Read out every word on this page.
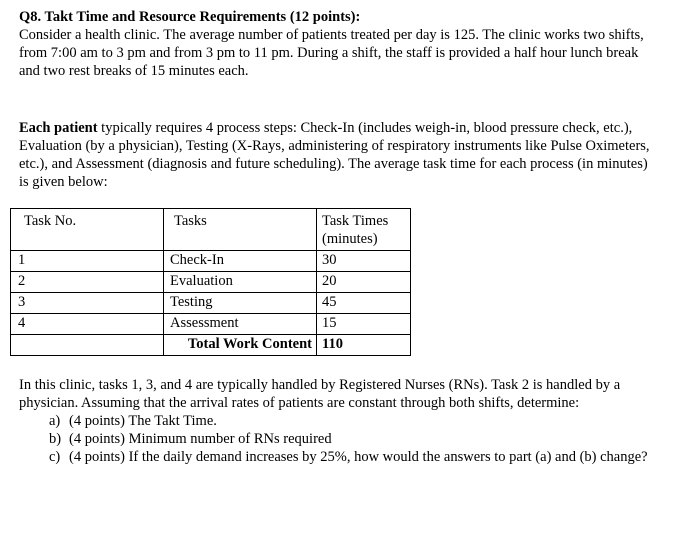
Q8. Takt Time and Resource Requirements (12 points):

Consider a health clinic. The average number of patients treated per day is 125. The clinic works two shifts, from 7:00 am to 3 pm and from 3 pm to 11 pm. During a shift, the staff is provided a half hour lunch break and two rest breaks of 15 minutes each.

Each patient typically requires 4 process steps: Check-In (includes weigh-in, blood pressure check, etc.), Evaluation (by a physician), Testing (X-Rays, administering of respiratory instruments like Pulse Oximeters, etc.), and Assessment (diagnosis and future scheduling). The average task time for each process (in minutes) is given below:

Task No.	Tasks	Task Times (minutes)
1	Check-In	30
2	Evaluation	20
3	Testing	45
4	Assessment	15
	Total Work Content	110

In this clinic, tasks 1, 3, and 4 are typically handled by Registered Nurses (RNs). Task 2 is handled by a physician. Assuming that the arrival rates of patients are constant through both shifts, determine:

a) (4 points) The Takt Time.
b) (4 points) Minimum number of RNs required
c) (4 points) If the daily demand increases by 25%, how would the answers to part (a) and (b) change?
